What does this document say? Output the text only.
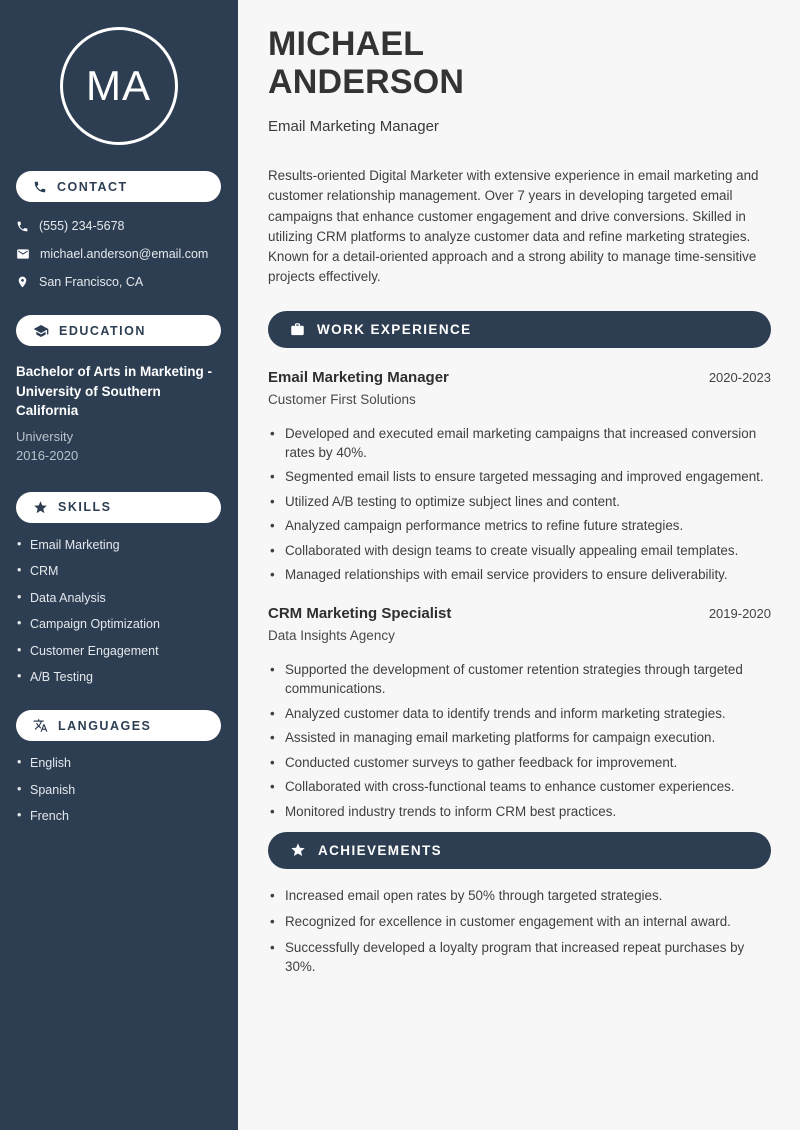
MA
CONTACT
(555) 234-5678
michael.anderson@email.com
San Francisco, CA
EDUCATION
Bachelor of Arts in Marketing - University of Southern California
University
2016-2020
SKILLS
• Email Marketing
• CRM
• Data Analysis
• Campaign Optimization
• Customer Engagement
• A/B Testing
LANGUAGES
• English
• Spanish
• French
MICHAEL
ANDERSON
Email Marketing Manager

Results-oriented Digital Marketer with extensive experience in email marketing and customer relationship management. Over 7 years in developing targeted email campaigns that enhance customer engagement and drive conversions. Skilled in utilizing CRM platforms to analyze customer data and refine marketing strategies. Known for a detail-oriented approach and a strong ability to manage time-sensitive projects effectively.

WORK EXPERIENCE
Email Marketing Manager	2020-2023
Customer First Solutions
• Developed and executed email marketing campaigns that increased conversion rates by 40%.
• Segmented email lists to ensure targeted messaging and improved engagement.
• Utilized A/B testing to optimize subject lines and content.
• Analyzed campaign performance metrics to refine future strategies.
• Collaborated with design teams to create visually appealing email templates.
• Managed relationships with email service providers to ensure deliverability.
CRM Marketing Specialist	2019-2020
Data Insights Agency
• Supported the development of customer retention strategies through targeted communications.
• Analyzed customer data to identify trends and inform marketing strategies.
• Assisted in managing email marketing platforms for campaign execution.
• Conducted customer surveys to gather feedback for improvement.
• Collaborated with cross-functional teams to enhance customer experiences.
• Monitored industry trends to inform CRM best practices.
ACHIEVEMENTS
• Increased email open rates by 50% through targeted strategies.
• Recognized for excellence in customer engagement with an internal award.
• Successfully developed a loyalty program that increased repeat purchases by 30%.
